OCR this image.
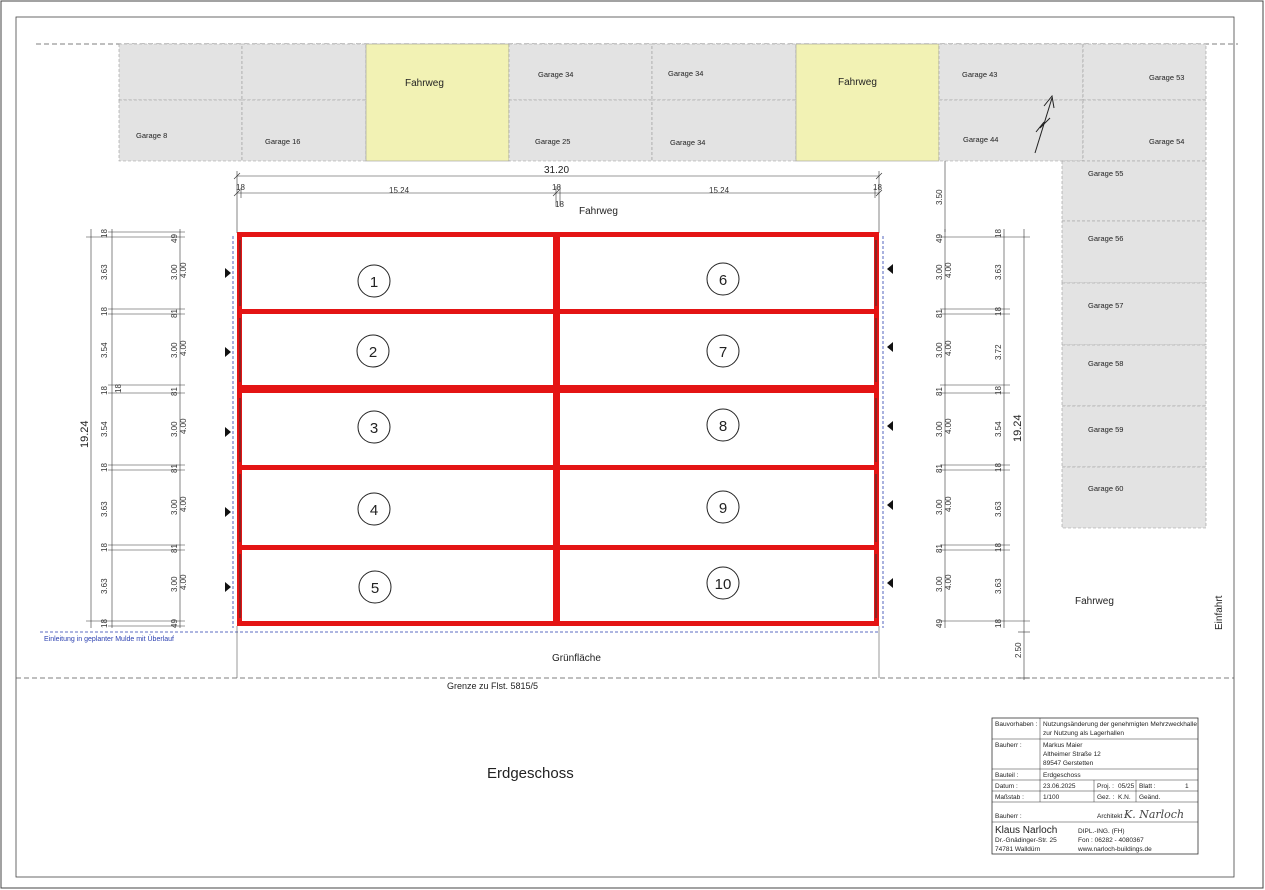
Garage 8
Garage 16
Fahrweg
Garage 34
Garage 25
Garage 34
Garage 34
Fahrweg
Garage 43
Garage 44
Garage 53
Garage 54
Garage 55
Garage 56
Garage 57
Garage 58
Garage 59
Garage 60
31.20
18	15.24	18	15.24	18
18
Fahrweg
1
2
3
4
5
6
7
8
9
10
19.24
18
3.63
18
3.54
18
3.54
18
3.63
18
3.63
18
18
49
3.00
81
3.00
81
3.00
81
3.00
81
3.00
49
4.00
4.00
4.00
4.00
4.00
19.24
3.50
49
3.00
81
3.00
81
3.00
81
3.00
81
3.00
49
4.00
4.00
4.00
4.00
4.00
18
3.63
18
3.72
18
3.54
18
3.63
18
3.63
18
2.50
Grünfläche
Grenze zu Flst. 5815/5
Einleitung in geplanter Mulde mit Überlauf
Fahrweg	Einfahrt
Erdgeschoss
Bauvorhaben : Nutzungsänderung der genehmigten Mehrzweckhalle
zur Nutzung als Lagerhallen
Bauherr :	Markus Maier
Altheimer Straße 12
89547 Gerstetten
Bauteil :	Erdgeschoss
Datum :	23.06.2025	Proj. : 05/25 Blatt :	1
Maßstab :	1/100	Gez. : K.N. Geänd.
Bauherr :	Architekt :
K. Narloch
Klaus Narloch
Dr.-Gnädinger-Str. 25
74781 Walldürn
DIPL.-ING. (FH)
Fon : 06282 - 4080367
www.narloch-buildings.de
